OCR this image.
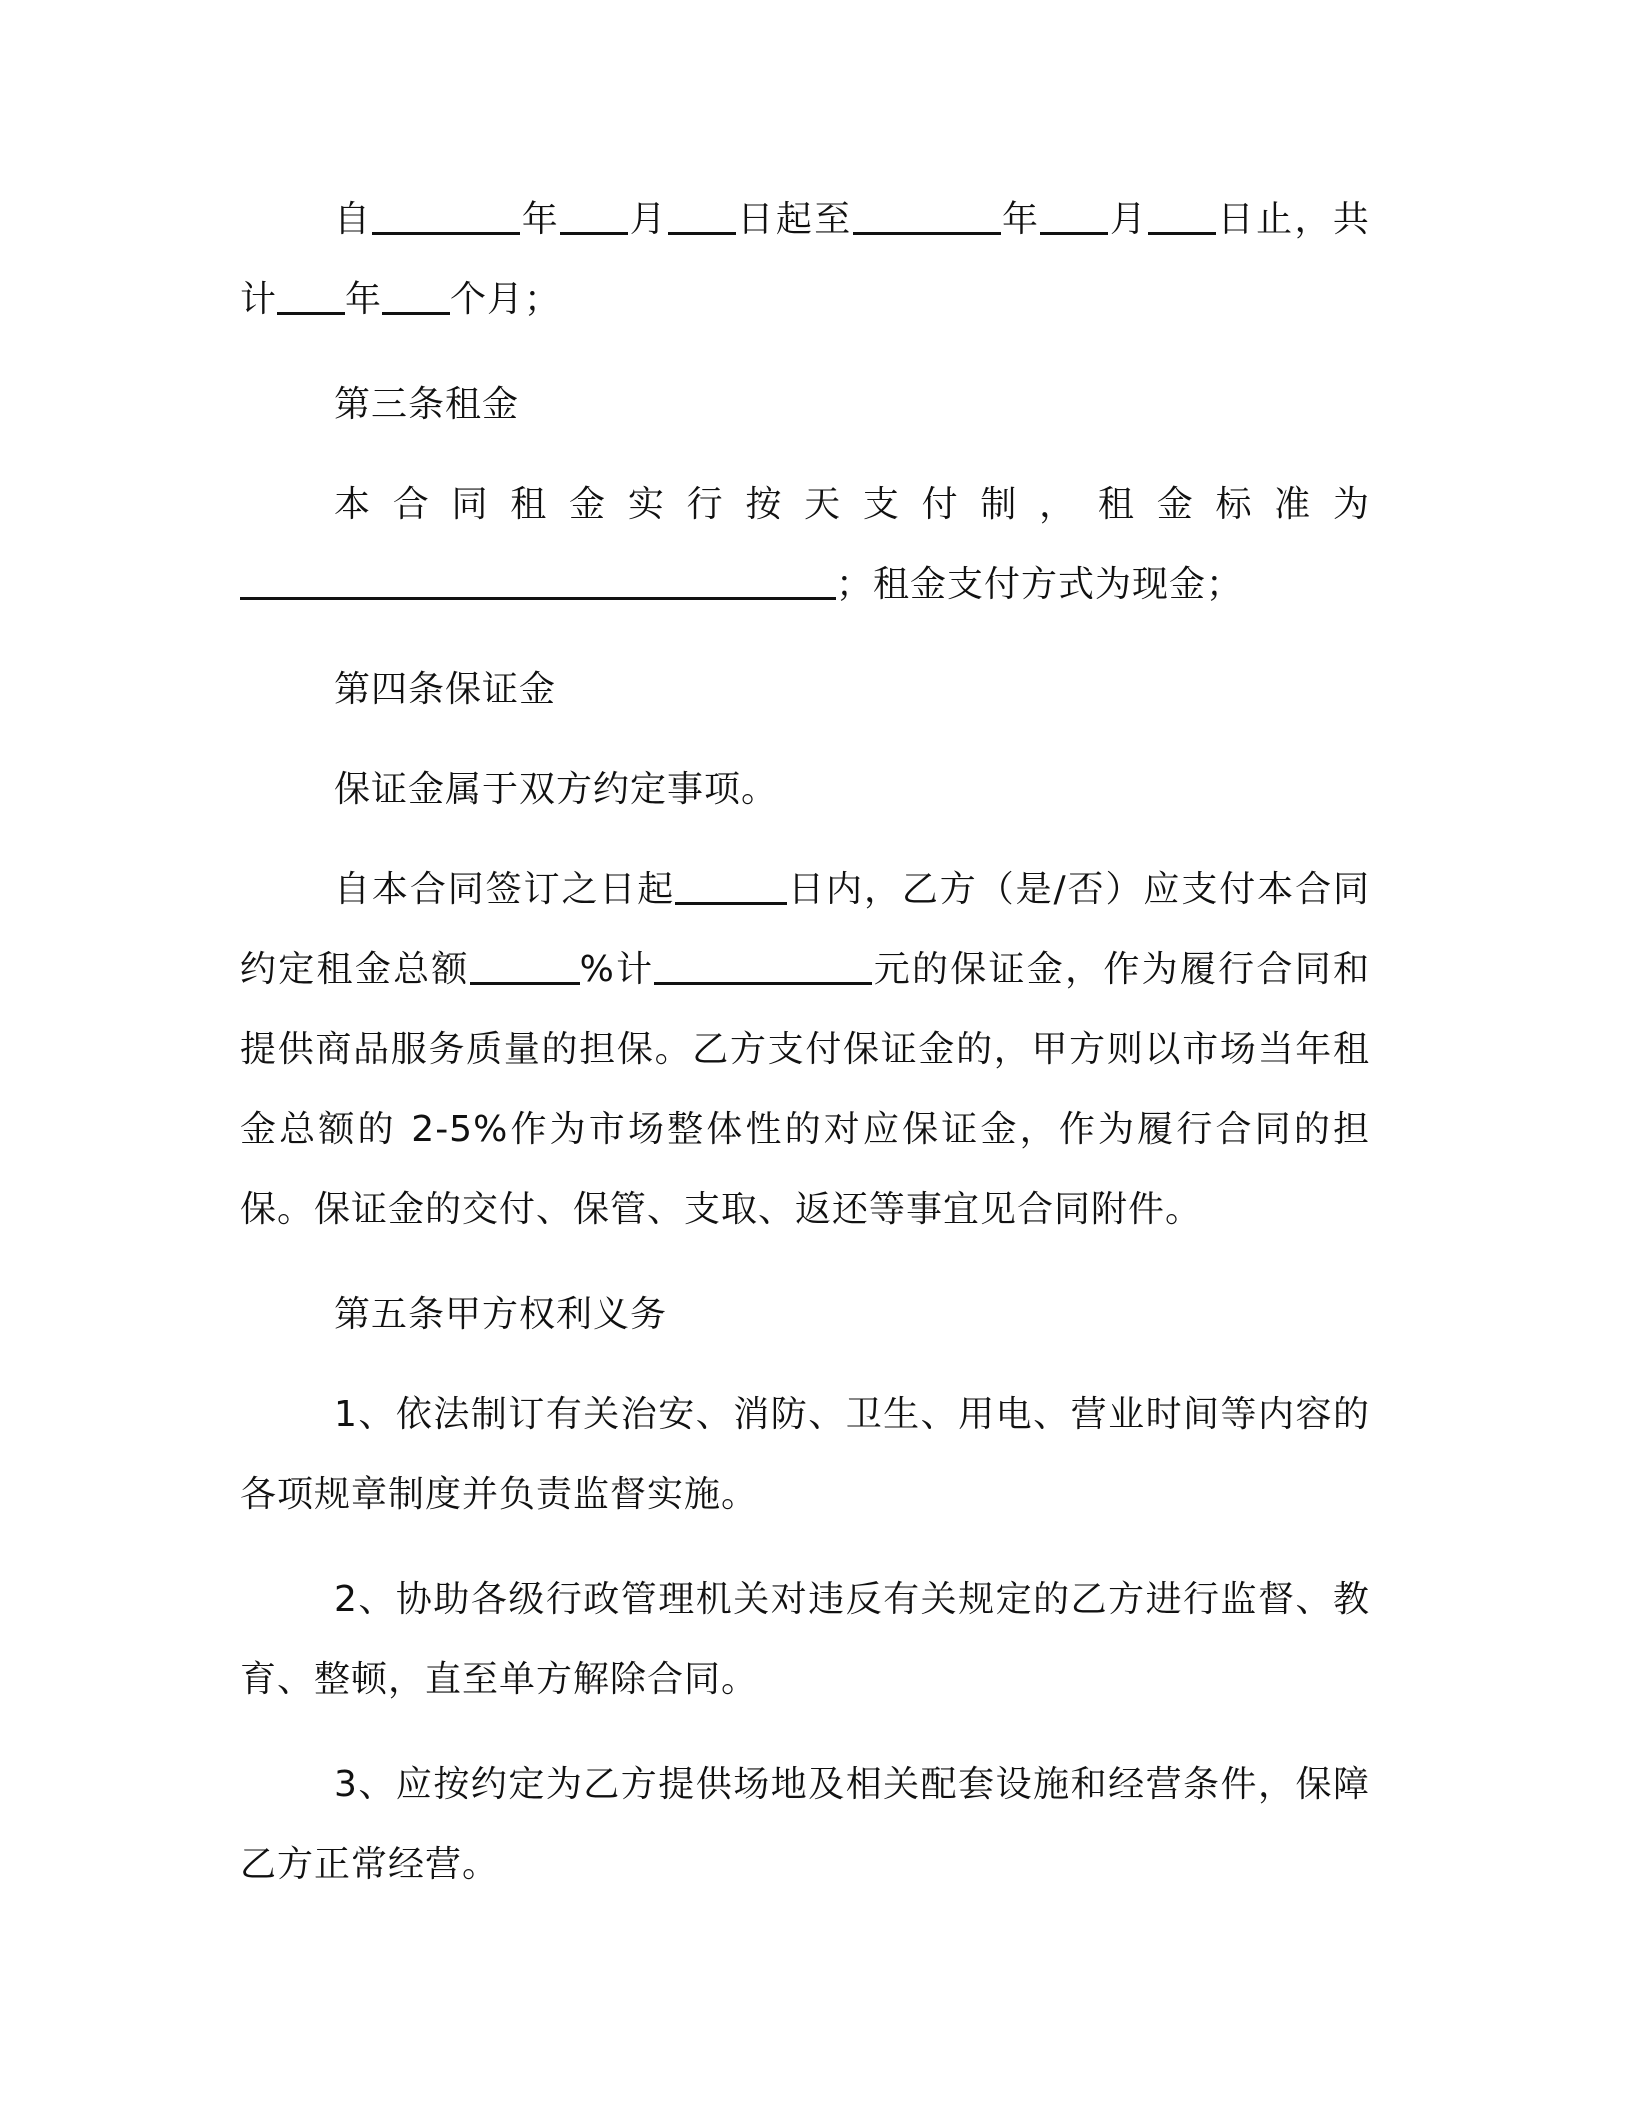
自	年 月 日起至	年 月 日止，共计 年 个月；

第三条租金

本合同租金实行按天支付制，租金标准为；租金支付方式为现金；

第四条保证金

保证金属于双方约定事项。

自本合同签订之日起	日内，乙方（是/否）应支付本合同约定租金总额	%计	元的保证金，作为履行合同和提供商品服务质量的担保。乙方支付保证金的，甲方则以市场当年租金总额的 2-5%作为市场整体性的对应保证金，作为履行合同的担保。保证金的交付、保管、支取、返还等事宜见合同附件。

第五条甲方权利义务

1、依法制订有关治安、消防、卫生、用电、营业时间等内容的各项规章制度并负责监督实施。

2、协助各级行政管理机关对违反有关规定的乙方进行监督、教育、整顿，直至单方解除合同。

3、应按约定为乙方提供场地及相关配套设施和经营条件，保障乙方正常经营。
